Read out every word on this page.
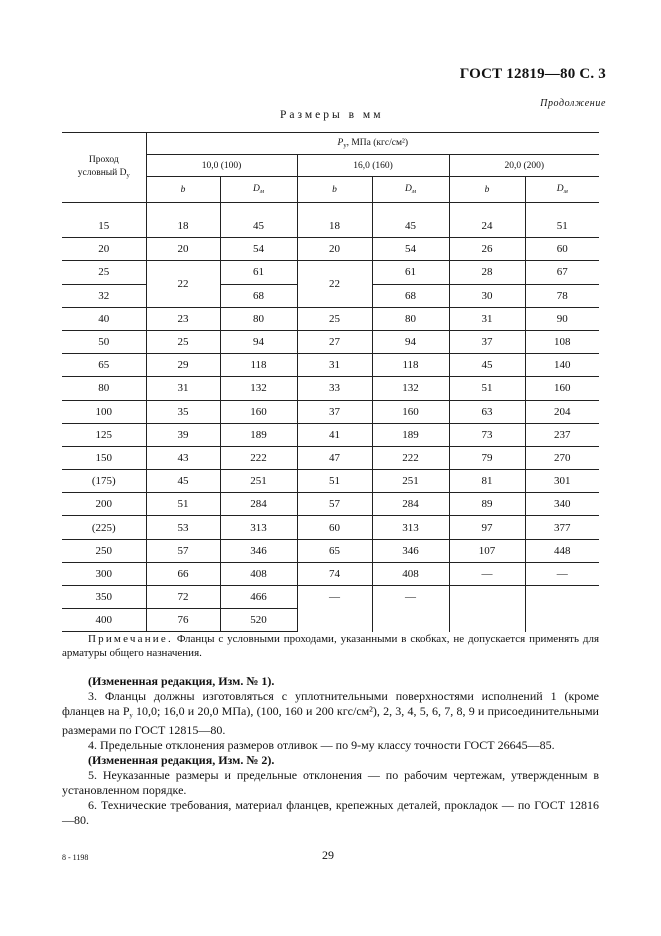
ГОСТ 12819—80 С. 3
Продолжение
Размеры в мм
Проход
условный $D_у$	$P_у$, МПа (кгс/см²)					
	10,0 (100)		16,0 (160)		20,0 (200)	
	b	$D_м$	b	$D_м$	b	$D_м$

15	18	45	18	45	24	51
20	20	54	20	54	26	60
25	22	61	22	61	28	67
32		68		68	30	78
40	23	80	25	80	31	90
50	25	94	27	94	37	108
65	29	118	31	118	45	140
80	31	132	33	132	51	160
100	35	160	37	160	63	204
125	39	189	41	189	73	237
150	43	222	47	222	79	270
(175)	45	251	51	251	81	301
200	51	284	57	284	89	340
(225)	53	313	60	313	97	377
250	57	346	65	346	107	448
300	66	408	74	408	—	—
350	72	466	—	—		
400	76	520				
Примечание. Фланцы с условными проходами, указанными в скобках, не допускается применять для арматуры общего назначения.
(Измененная редакция, Изм. № 1).
3. Фланцы должны изготовляться с уплотнительными поверхностями исполнений 1 (кроме фланцев на $P_у$ 10,0; 16,0 и 20,0 МПа), (100, 160 и 200 кгс/см²), 2, 3, 4, 5, 6, 7, 8, 9 и присоединительными размерами по ГОСТ 12815—80.
4. Предельные отклонения размеров отливок — по 9-му классу точности ГОСТ 26645—85.
(Измененная редакция, Изм. № 2).
5. Неуказанные размеры и предельные отклонения — по рабочим чертежам, утвержденным в установленном порядке.
6. Технические требования, материал фланцев, крепежных деталей, прокладок — по ГОСТ 12816—80.
8 - 1198	29
